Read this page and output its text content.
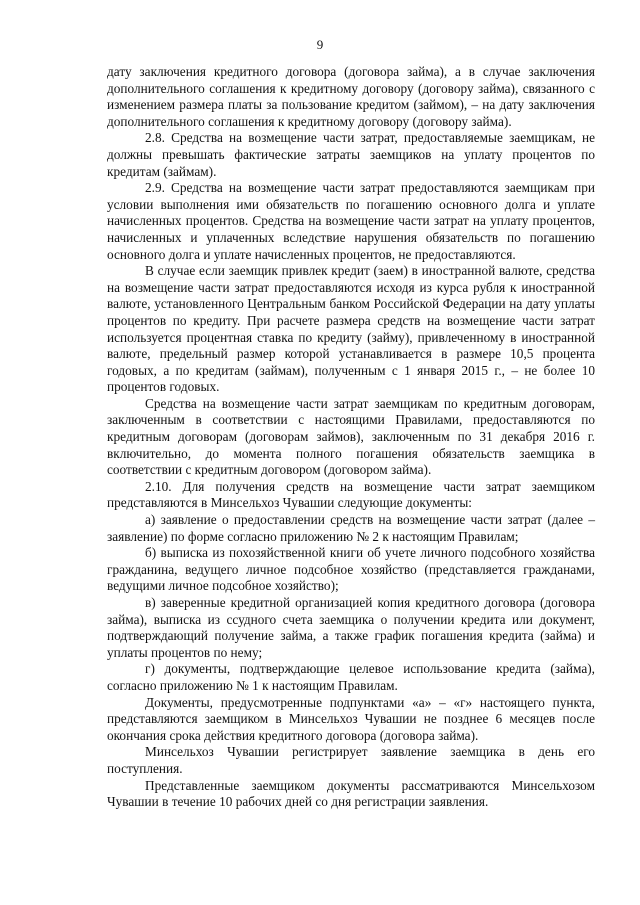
9

дату заключения кредитного договора (договора займа), а в случае заключения дополнительного соглашения к кредитному договору (договору займа), связанного с изменением размера платы за пользование кредитом (займом), – на дату заключения дополнительного соглашения к кредитному договору (договору займа).

2.8. Средства на возмещение части затрат, предоставляемые заемщикам, не должны превышать фактические затраты заемщиков на уплату процентов по кредитам (займам).

2.9. Средства на возмещение части затрат предоставляются заемщикам при условии выполнения ими обязательств по погашению основного долга и уплате начисленных процентов. Средства на возмещение части затрат на уплату процентов, начисленных и уплаченных вследствие нарушения обязательств по погашению основного долга и уплате начисленных процентов, не предоставляются.

В случае если заемщик привлек кредит (заем) в иностранной валюте, средства на возмещение части затрат предоставляются исходя из курса рубля к иностранной валюте, установленного Центральным банком Российской Федерации на дату уплаты процентов по кредиту. При расчете размера средств на возмещение части затрат используется процентная ставка по кредиту (займу), привлеченному в иностранной валюте, предельный размер которой устанавливается в размере 10,5 процента годовых, а по кредитам (займам), полученным с 1 января 2015 г., – не более 10 процентов годовых.

Средства на возмещение части затрат заемщикам по кредитным договорам, заключенным в соответствии с настоящими Правилами, предоставляются по кредитным договорам (договорам займов), заключенным по 31 декабря 2016 г. включительно, до момента полного погашения обязательств заемщика в соответствии с кредитным договором (договором займа).

2.10. Для получения средств на возмещение части затрат заемщиком представляются в Минсельхоз Чувашии следующие документы:

а) заявление о предоставлении средств на возмещение части затрат (далее – заявление) по форме согласно приложению № 2 к настоящим Правилам;

б) выписка из похозяйственной книги об учете личного подсобного хозяйства гражданина, ведущего личное подсобное хозяйство (представляется гражданами, ведущими личное подсобное хозяйство);

в) заверенные кредитной организацией копия кредитного договора (договора займа), выписка из ссудного счета заемщика о получении кредита или документ, подтверждающий получение займа, а также график погашения кредита (займа) и уплаты процентов по нему;

г) документы, подтверждающие целевое использование кредита (займа), согласно приложению № 1 к настоящим Правилам.

Документы, предусмотренные подпунктами «а» – «г» настоящего пункта, представляются заемщиком в Минсельхоз Чувашии не позднее 6 месяцев после окончания срока действия кредитного договора (договора займа).

Минсельхоз Чувашии регистрирует заявление заемщика в день его поступления.

Представленные заемщиком документы рассматриваются Минсельхозом Чувашии в течение 10 рабочих дней со дня регистрации заявления.
